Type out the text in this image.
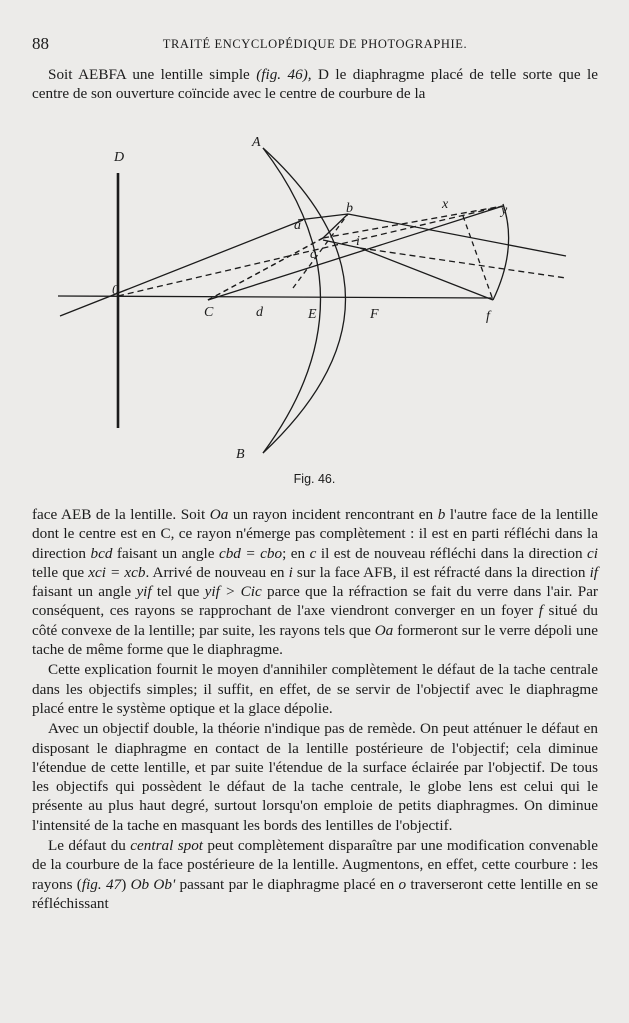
88	TRAITÉ ENCYCLOPÉDIQUE DE PHOTOGRAPHIE.

Soit AEBFA une lentille simple (fig. 46), D le diaphragme placé de telle sorte que le centre de son ouverture coïncide avec le centre de courbure de la

A
B
D
0
C	d	E	F	f
a
b
c
i
x	y
Fig. 46.

face AEB de la lentille. Soit Oa un rayon incident rencontrant en b l'autre face de la lentille dont le centre est en C, ce rayon n'émerge pas complètement : il est en parti réfléchi dans la direction bcd faisant un angle cbd = cbo; en c il est de nouveau réfléchi dans la direction ci telle que xci = xcb. Arrivé de nouveau en i sur la face AFB, il est réfracté dans la direction if faisant un angle yif tel que yif > Cic parce que la réfraction se fait du verre dans l'air. Par conséquent, ces rayons se rapprochant de l'axe viendront converger en un foyer f situé du côté convexe de la lentille; par suite, les rayons tels que Oa formeront sur le verre dépoli une tache de même forme que le diaphragme.

Cette explication fournit le moyen d'annihiler complètement le défaut de la tache centrale dans les objectifs simples; il suffit, en effet, de se servir de l'objectif avec le diaphragme placé entre le système optique et la glace dépolie.

Avec un objectif double, la théorie n'indique pas de remède. On peut atténuer le défaut en disposant le diaphragme en contact de la lentille postérieure de l'objectif; cela diminue l'étendue de cette lentille, et par suite l'étendue de la surface éclairée par l'objectif. De tous les objectifs qui possèdent le défaut de la tache centrale, le globe lens est celui qui le présente au plus haut degré, surtout lorsqu'on emploie de petits diaphragmes. On diminue l'intensité de la tache en masquant les bords des lentilles de l'objectif.

Le défaut du central spot peut complètement disparaître par une modification convenable de la courbure de la face postérieure de la lentille. Augmentons, en effet, cette courbure : les rayons (fig. 47) Ob Ob' passant par le diaphragme placé en o traverseront cette lentille en se réfléchissant
